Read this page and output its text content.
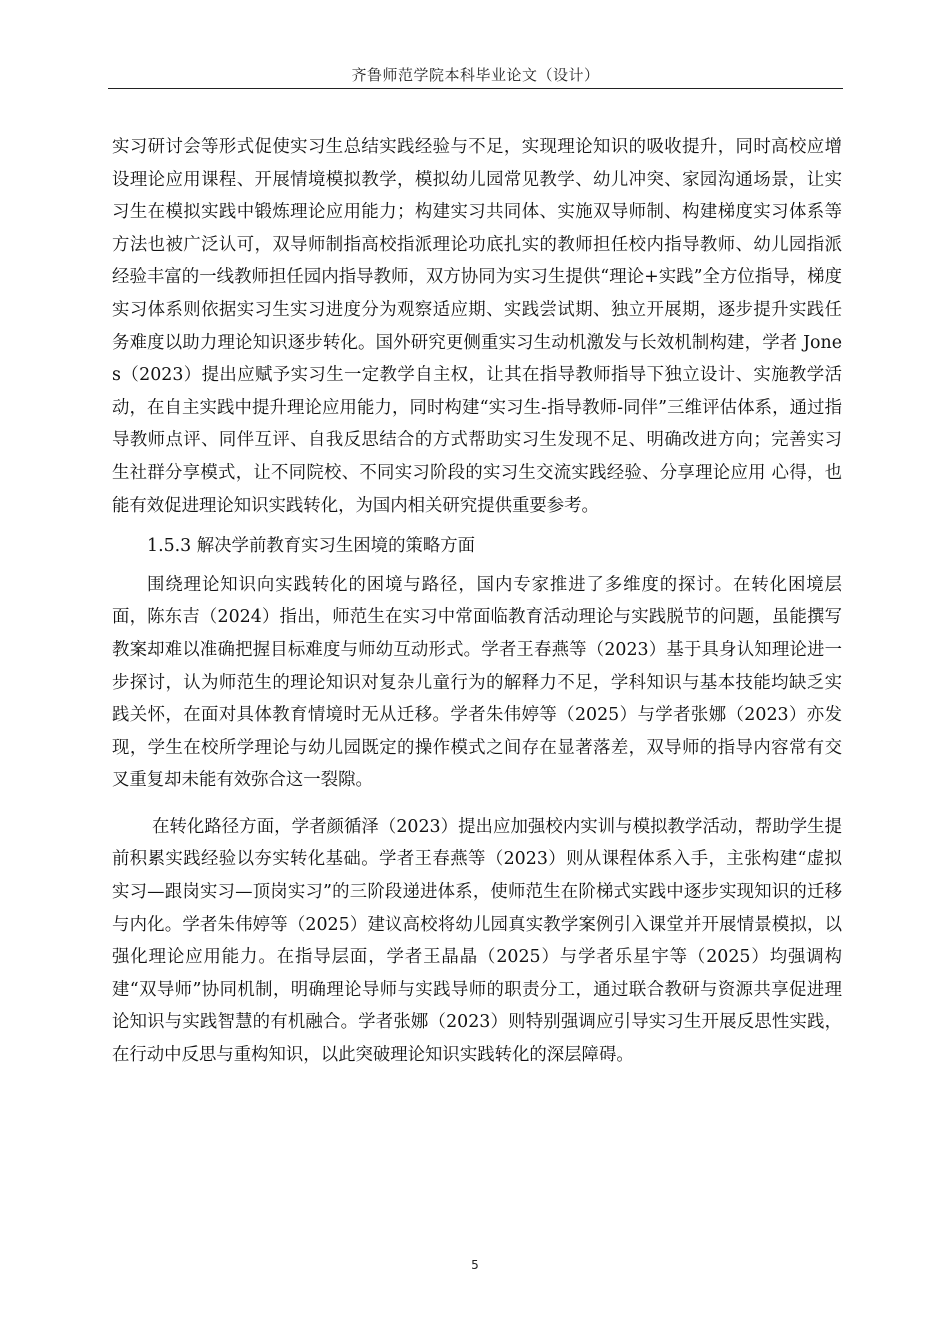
齐鲁师范学院本科毕业论文（设计）

实习研讨会等形式促使实习生总结实践经验与不足，实现理论知识的吸收提升，同时高校应增设理论应用课程、开展情境模拟教学，模拟幼儿园常见教学、幼儿冲突、家园沟通场景，让实习生在模拟实践中锻炼理论应用能力；构建实习共同体、实施双导师制、构建梯度实习体系等方法也被广泛认可，双导师制指高校指派理论功底扎实的教师担任校内指导教师、幼儿园指派经验丰富的一线教师担任园内指导教师，双方协同为实习生提供“理论+实践”全方位指导，梯度实习体系则依据实习生实习进度分为观察适应期、实践尝试期、独立开展期，逐步提升实践任务难度以助力理论知识逐步转化。国外研究更侧重实习生动机激发与长效机制构建，学者 Jones（2023）提出应赋予实习生一定教学自主权，让其在指导教师指导下独立设计、实施教学活动，在自主实践中提升理论应用能力，同时构建“实习生-指导教师-同伴”三维评估体系，通过指导教师点评、同伴互评、自我反思结合的方式帮助实习生发现不足、明确改进方向；完善实习生社群分享模式，让不同院校、不同实习阶段的实习生交流实践经验、分享理论应用 心得，也能有效促进理论知识实践转化，为国内相关研究提供重要参考。

1.5.3 解决学前教育实习生困境的策略方面

围绕理论知识向实践转化的困境与路径，国内专家推进了多维度的探讨。在转化困境层面，陈东吉（2024）指出，师范生在实习中常面临教育活动理论与实践脱节的问题，虽能撰写教案却难以准确把握目标难度与师幼互动形式。学者王春燕等（2023）基于具身认知理论进一步探讨，认为师范生的理论知识对复杂儿童行为的解释力不足，学科知识与基本技能均缺乏实践关怀，在面对具体教育情境时无从迁移。学者朱伟婷等（2025）与学者张娜（2023）亦发现，学生在校所学理论与幼儿园既定的操作模式之间存在显著落差，双导师的指导内容常有交叉重复却未能有效弥合这一裂隙。

在转化路径方面，学者颜循泽（2023）提出应加强校内实训与模拟教学活动，帮助学生提前积累实践经验以夯实转化基础。学者王春燕等（2023）则从课程体系入手，主张构建“虚拟实习—跟岗实习—顶岗实习”的三阶段递进体系，使师范生在阶梯式实践中逐步实现知识的迁移与内化。学者朱伟婷等（2025）建议高校将幼儿园真实教学案例引入课堂并开展情景模拟，以强化理论应用能力。在指导层面，学者王晶晶（2025）与学者乐星宇等（2025）均强调构建“双导师”协同机制，明确理论导师与实践导师的职责分工，通过联合教研与资源共享促进理论知识与实践智慧的有机融合。学者张娜（2023）则特别强调应引导实习生开展反思性实践，在行动中反思与重构知识，以此突破理论知识实践转化的深层障碍。

5
